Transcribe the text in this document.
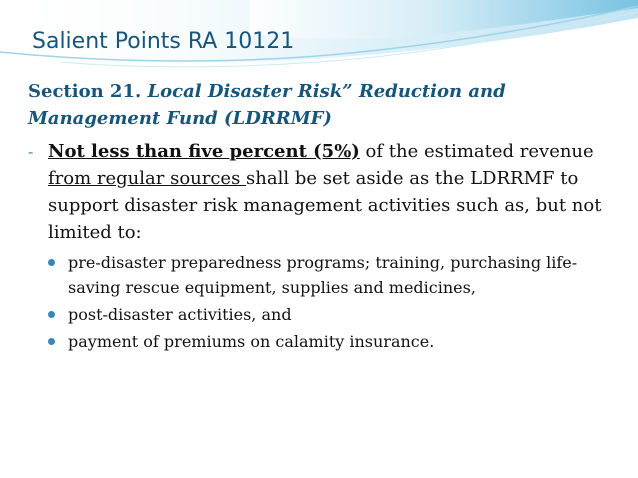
Salient Points RA 10121
Section 21. Local Disaster Risk” Reduction and Management Fund (LDRRMF)
- Not less than five percent (5%) of the estimated revenue from regular sources shall be set aside as the LDRRMF to support disaster risk management activities such as, but not limited to:
pre-disaster preparedness programs; training, purchasing life-saving rescue equipment, supplies and medicines,
post-disaster activities, and
payment of premiums on calamity insurance.
